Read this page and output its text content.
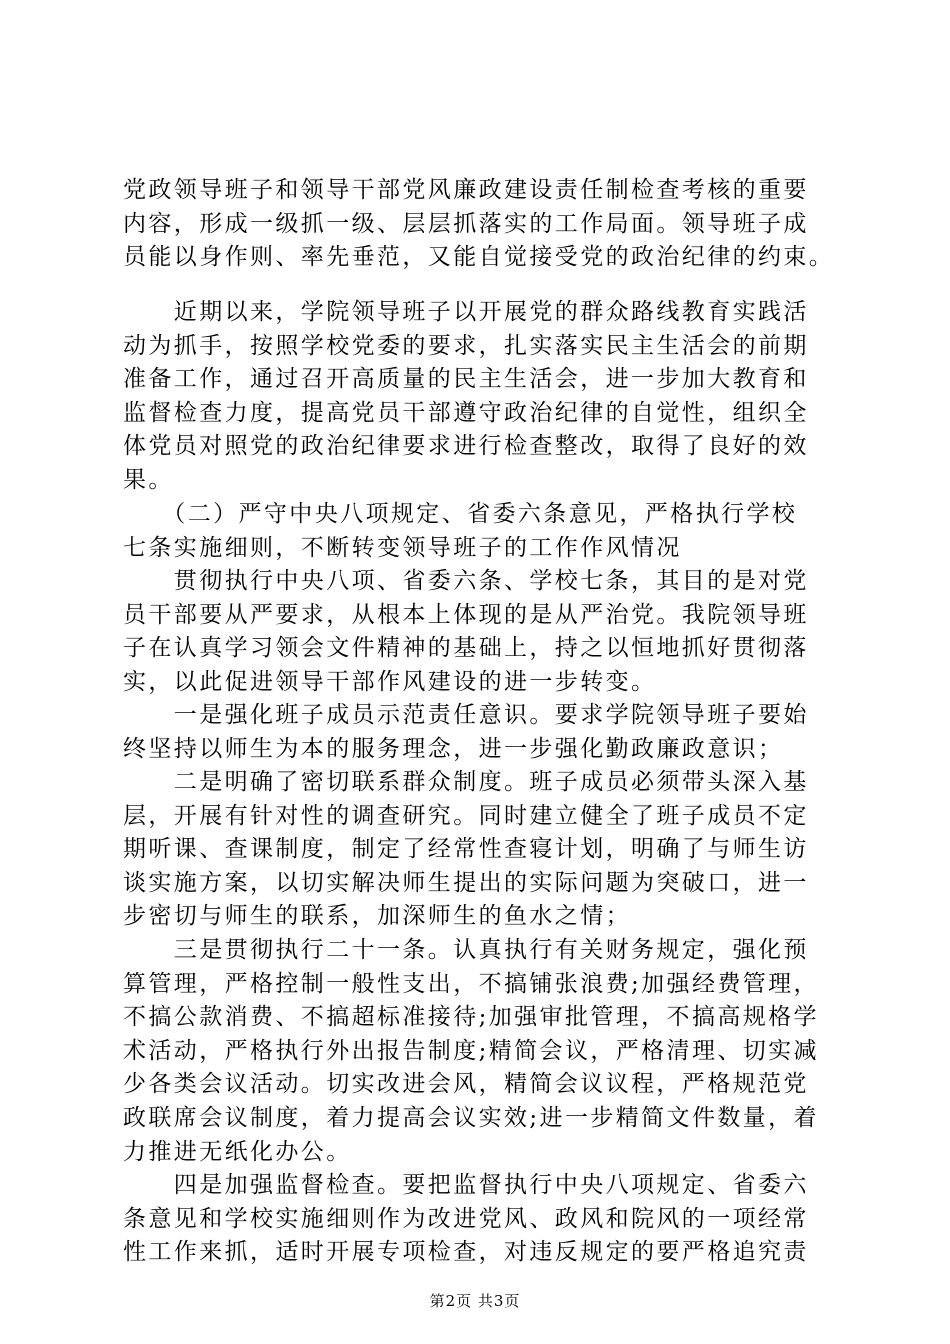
党政领导班子和领导干部党风廉政建设责任制检查考核的重要
内容，形成一级抓一级、层层抓落实的工作局面。领导班子成
员能以身作则、率先垂范，又能自觉接受党的政治纪律的约束。
　　近期以来，学院领导班子以开展党的群众路线教育实践活
动为抓手，按照学校党委的要求，扎实落实民主生活会的前期
准备工作，通过召开高质量的民主生活会，进一步加大教育和
监督检查力度，提高党员干部遵守政治纪律的自觉性，组织全
体党员对照党的政治纪律要求进行检查整改，取得了良好的效
果。
　　（二）严守中央八项规定、省委六条意见，严格执行学校
七条实施细则，不断转变领导班子的工作作风情况
　　贯彻执行中央八项、省委六条、学校七条，其目的是对党
员干部要从严要求，从根本上体现的是从严治党。我院领导班
子在认真学习领会文件精神的基础上，持之以恒地抓好贯彻落
实，以此促进领导干部作风建设的进一步转变。
　　一是强化班子成员示范责任意识。要求学院领导班子要始
终坚持以师生为本的服务理念，进一步强化勤政廉政意识；
　　二是明确了密切联系群众制度。班子成员必须带头深入基
层，开展有针对性的调查研究。同时建立健全了班子成员不定
期听课、查课制度，制定了经常性查寝计划，明确了与师生访
谈实施方案，以切实解决师生提出的实际问题为突破口，进一
步密切与师生的联系，加深师生的鱼水之情；
　　三是贯彻执行二十一条。认真执行有关财务规定，强化预
算管理，严格控制一般性支出，不搞铺张浪费;加强经费管理，
不搞公款消费、不搞超标准接待;加强审批管理，不搞高规格学
术活动，严格执行外出报告制度;精简会议，严格清理、切实减
少各类会议活动。切实改进会风，精简会议议程，严格规范党
政联席会议制度，着力提高会议实效;进一步精简文件数量，着
力推进无纸化办公。
　　四是加强监督检查。要把监督执行中央八项规定、省委六
条意见和学校实施细则作为改进党风、政风和院风的一项经常
性工作来抓，适时开展专项检查，对违反规定的要严格追究责
第2页 共3页
